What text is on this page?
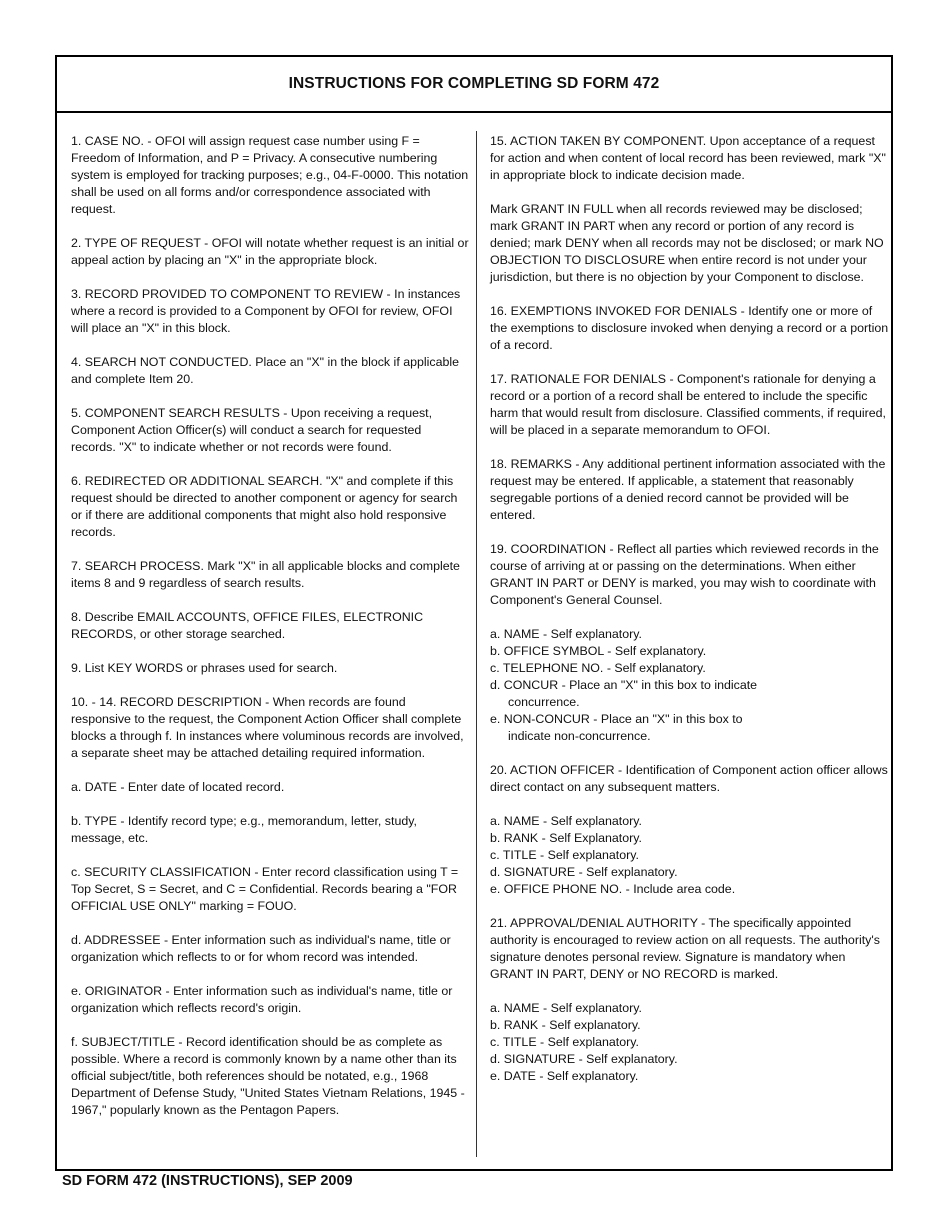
INSTRUCTIONS FOR COMPLETING SD FORM 472

1. CASE NO. - OFOI will assign request case number using F = Freedom of Information, and P = Privacy. A consecutive numbering system is employed for tracking purposes; e.g., 04-F-0000. This notation shall be used on all forms and/or correspondence associated with request.

2. TYPE OF REQUEST - OFOI will notate whether request is an initial or appeal action by placing an "X" in the appropriate block.

3. RECORD PROVIDED TO COMPONENT TO REVIEW - In instances where a record is provided to a Component by OFOI for review, OFOI will place an "X" in this block.

4. SEARCH NOT CONDUCTED. Place an "X" in the block if applicable and complete Item 20.

5. COMPONENT SEARCH RESULTS - Upon receiving a request, Component Action Officer(s) will conduct a search for requested records. "X" to indicate whether or not records were found.

6. REDIRECTED OR ADDITIONAL SEARCH. "X" and complete if this request should be directed to another component or agency for search or if there are additional components that might also hold responsive records.

7. SEARCH PROCESS. Mark "X" in all applicable blocks and complete items 8 and 9 regardless of search results.

8. Describe EMAIL ACCOUNTS, OFFICE FILES, ELECTRONIC RECORDS, or other storage searched.

9. List KEY WORDS or phrases used for search.

10. - 14. RECORD DESCRIPTION - When records are found responsive to the request, the Component Action Officer shall complete blocks a through f. In instances where voluminous records are involved, a separate sheet may be attached detailing required information.

a. DATE - Enter date of located record.

b. TYPE - Identify record type; e.g., memorandum, letter, study, message, etc.

c. SECURITY CLASSIFICATION - Enter record classification using T = Top Secret, S = Secret, and C = Confidential. Records bearing a "FOR OFFICIAL USE ONLY" marking = FOUO.

d. ADDRESSEE - Enter information such as individual's name, title or organization which reflects to or for whom record was intended.

e. ORIGINATOR - Enter information such as individual's name, title or organization which reflects record's origin.

f. SUBJECT/TITLE - Record identification should be as complete as possible. Where a record is commonly known by a name other than its official subject/title, both references should be notated, e.g., 1968 Department of Defense Study, "United States Vietnam Relations, 1945 - 1967," popularly known as the Pentagon Papers.

15. ACTION TAKEN BY COMPONENT. Upon acceptance of a request for action and when content of local record has been reviewed, mark "X" in appropriate block to indicate decision made.

Mark GRANT IN FULL when all records reviewed may be disclosed; mark GRANT IN PART when any record or portion of any record is denied; mark DENY when all records may not be disclosed; or mark NO OBJECTION TO DISCLOSURE when entire record is not under your jurisdiction, but there is no objection by your Component to disclose.

16. EXEMPTIONS INVOKED FOR DENIALS - Identify one or more of the exemptions to disclosure invoked when denying a record or a portion of a record.

17. RATIONALE FOR DENIALS - Component's rationale for denying a record or a portion of a record shall be entered to include the specific harm that would result from disclosure. Classified comments, if required, will be placed in a separate memorandum to OFOI.

18. REMARKS - Any additional pertinent information associated with the request may be entered. If applicable, a statement that reasonably segregable portions of a denied record cannot be provided will be entered.

19. COORDINATION - Reflect all parties which reviewed records in the course of arriving at or passing on the determinations. When either GRANT IN PART or DENY is marked, you may wish to coordinate with Component's General Counsel.

a. NAME - Self explanatory.
b. OFFICE SYMBOL - Self explanatory.
c. TELEPHONE NO. - Self explanatory.
d. CONCUR - Place an "X" in this box to indicate
concurrence.
e. NON-CONCUR - Place an "X" in this box to
indicate non-concurrence.

20. ACTION OFFICER - Identification of Component action officer allows direct contact on any subsequent matters.

a. NAME - Self explanatory.
b. RANK - Self Explanatory.
c. TITLE - Self explanatory.
d. SIGNATURE - Self explanatory.
e. OFFICE PHONE NO. - Include area code.

21. APPROVAL/DENIAL AUTHORITY - The specifically appointed authority is encouraged to review action on all requests. The authority's signature denotes personal review. Signature is mandatory when GRANT IN PART, DENY or NO RECORD is marked.

a. NAME - Self explanatory.
b. RANK - Self explanatory.
c. TITLE - Self explanatory.
d. SIGNATURE - Self explanatory.
e. DATE - Self explanatory.
SD FORM 472 (INSTRUCTIONS), SEP 2009
